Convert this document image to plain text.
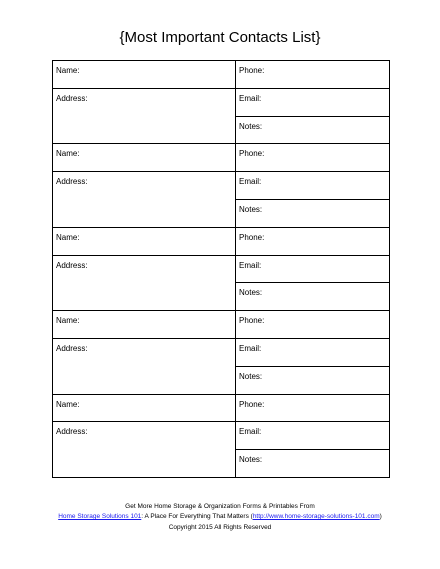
{Most Important Contacts List}
Name:	Phone:
Address:	Email:
	Notes:
Name:	Phone:
Address:	Email:
	Notes:
Name:	Phone:
Address:	Email:
	Notes:
Name:	Phone:
Address:	Email:
	Notes:
Name:	Phone:
Address:	Email:
	Notes:
Get More Home Storage & Organization Forms & Printables From
Home Storage Solutions 101: A Place For Everything That Matters (http://www.home-storage-solutions-101.com)
Copyright 2015 All Rights Reserved
